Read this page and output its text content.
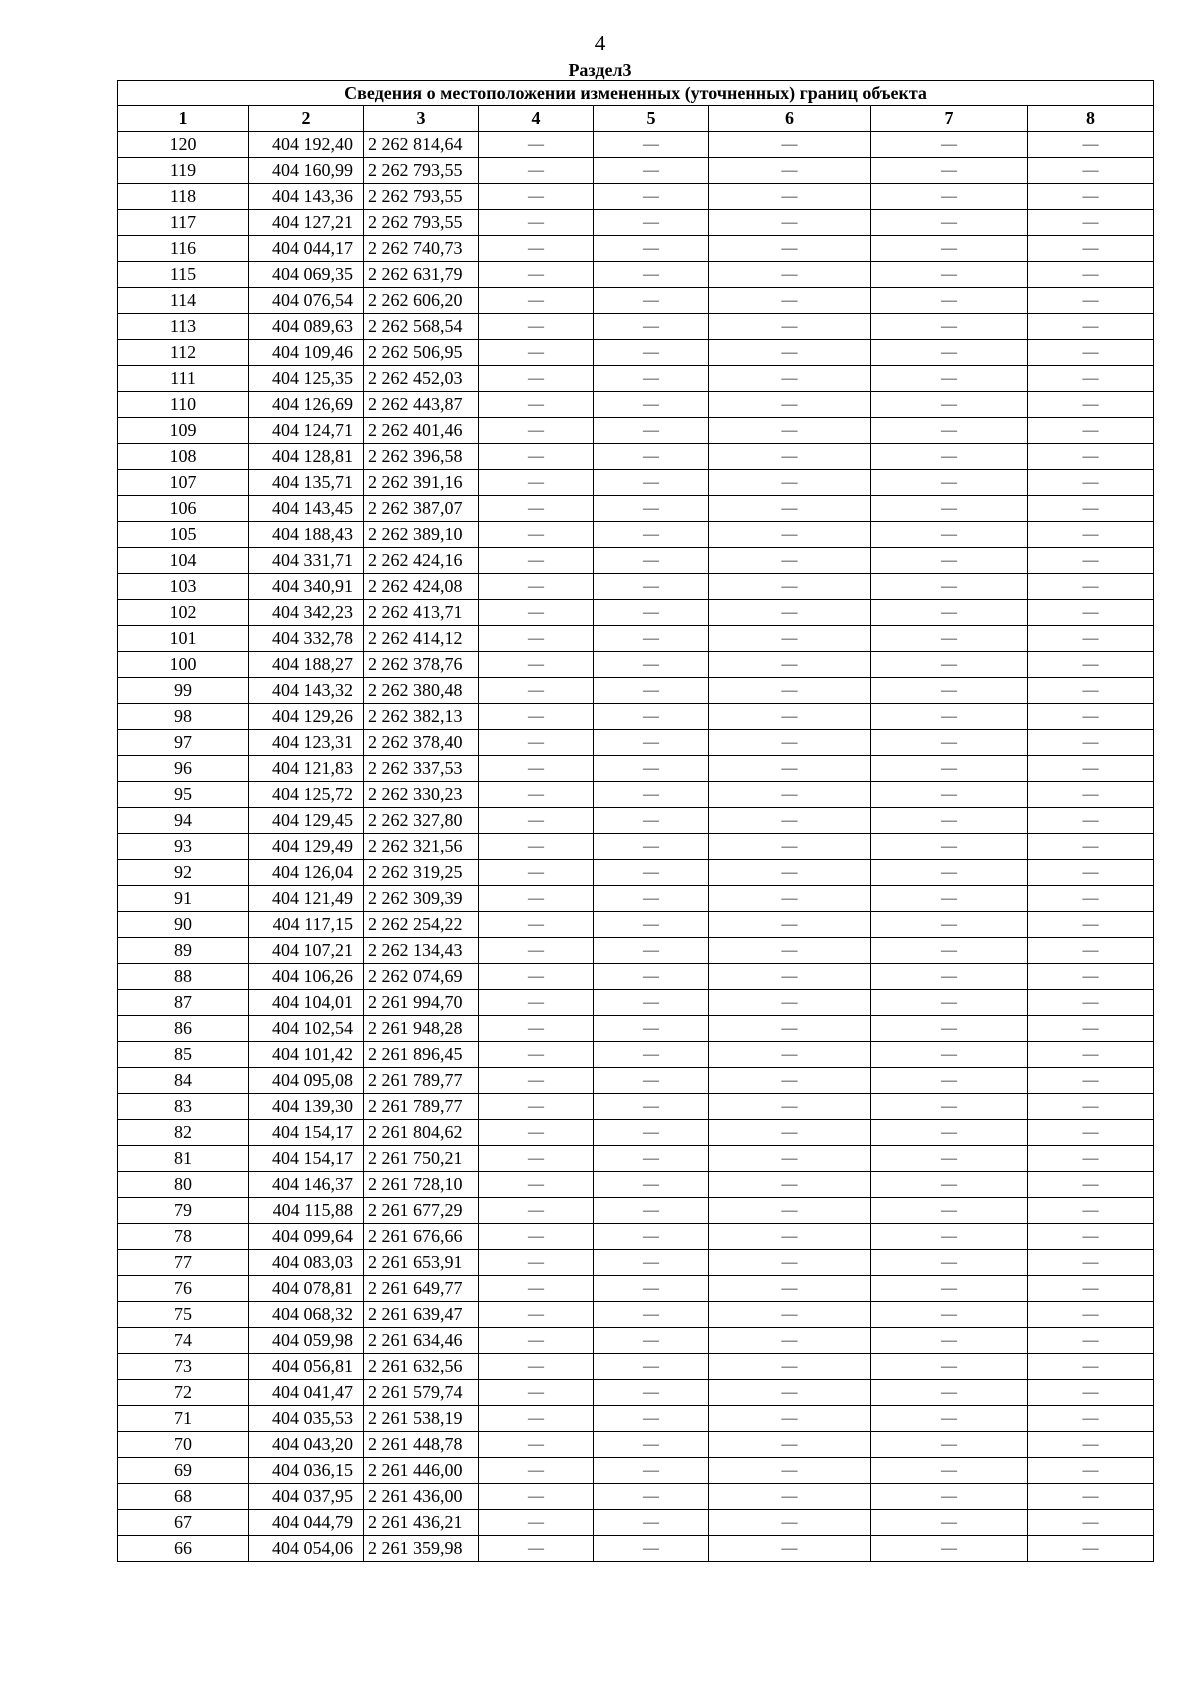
4
Раздел3
Сведения о местоположении измененных (уточненных) границ объекта							
1	2	3	4	5	6	7	8
120	404 192,40	2 262 814,64	—	—	—	—	—
119	404 160,99	2 262 793,55	—	—	—	—	—
118	404 143,36	2 262 793,55	—	—	—	—	—
117	404 127,21	2 262 793,55	—	—	—	—	—
116	404 044,17	2 262 740,73	—	—	—	—	—
115	404 069,35	2 262 631,79	—	—	—	—	—
114	404 076,54	2 262 606,20	—	—	—	—	—
113	404 089,63	2 262 568,54	—	—	—	—	—
112	404 109,46	2 262 506,95	—	—	—	—	—
111	404 125,35	2 262 452,03	—	—	—	—	—
110	404 126,69	2 262 443,87	—	—	—	—	—
109	404 124,71	2 262 401,46	—	—	—	—	—
108	404 128,81	2 262 396,58	—	—	—	—	—
107	404 135,71	2 262 391,16	—	—	—	—	—
106	404 143,45	2 262 387,07	—	—	—	—	—
105	404 188,43	2 262 389,10	—	—	—	—	—
104	404 331,71	2 262 424,16	—	—	—	—	—
103	404 340,91	2 262 424,08	—	—	—	—	—
102	404 342,23	2 262 413,71	—	—	—	—	—
101	404 332,78	2 262 414,12	—	—	—	—	—
100	404 188,27	2 262 378,76	—	—	—	—	—
99	404 143,32	2 262 380,48	—	—	—	—	—
98	404 129,26	2 262 382,13	—	—	—	—	—
97	404 123,31	2 262 378,40	—	—	—	—	—
96	404 121,83	2 262 337,53	—	—	—	—	—
95	404 125,72	2 262 330,23	—	—	—	—	—
94	404 129,45	2 262 327,80	—	—	—	—	—
93	404 129,49	2 262 321,56	—	—	—	—	—
92	404 126,04	2 262 319,25	—	—	—	—	—
91	404 121,49	2 262 309,39	—	—	—	—	—
90	404 117,15	2 262 254,22	—	—	—	—	—
89	404 107,21	2 262 134,43	—	—	—	—	—
88	404 106,26	2 262 074,69	—	—	—	—	—
87	404 104,01	2 261 994,70	—	—	—	—	—
86	404 102,54	2 261 948,28	—	—	—	—	—
85	404 101,42	2 261 896,45	—	—	—	—	—
84	404 095,08	2 261 789,77	—	—	—	—	—
83	404 139,30	2 261 789,77	—	—	—	—	—
82	404 154,17	2 261 804,62	—	—	—	—	—
81	404 154,17	2 261 750,21	—	—	—	—	—
80	404 146,37	2 261 728,10	—	—	—	—	—
79	404 115,88	2 261 677,29	—	—	—	—	—
78	404 099,64	2 261 676,66	—	—	—	—	—
77	404 083,03	2 261 653,91	—	—	—	—	—
76	404 078,81	2 261 649,77	—	—	—	—	—
75	404 068,32	2 261 639,47	—	—	—	—	—
74	404 059,98	2 261 634,46	—	—	—	—	—
73	404 056,81	2 261 632,56	—	—	—	—	—
72	404 041,47	2 261 579,74	—	—	—	—	—
71	404 035,53	2 261 538,19	—	—	—	—	—
70	404 043,20	2 261 448,78	—	—	—	—	—
69	404 036,15	2 261 446,00	—	—	—	—	—
68	404 037,95	2 261 436,00	—	—	—	—	—
67	404 044,79	2 261 436,21	—	—	—	—	—
66	404 054,06	2 261 359,98	—	—	—	—	—
